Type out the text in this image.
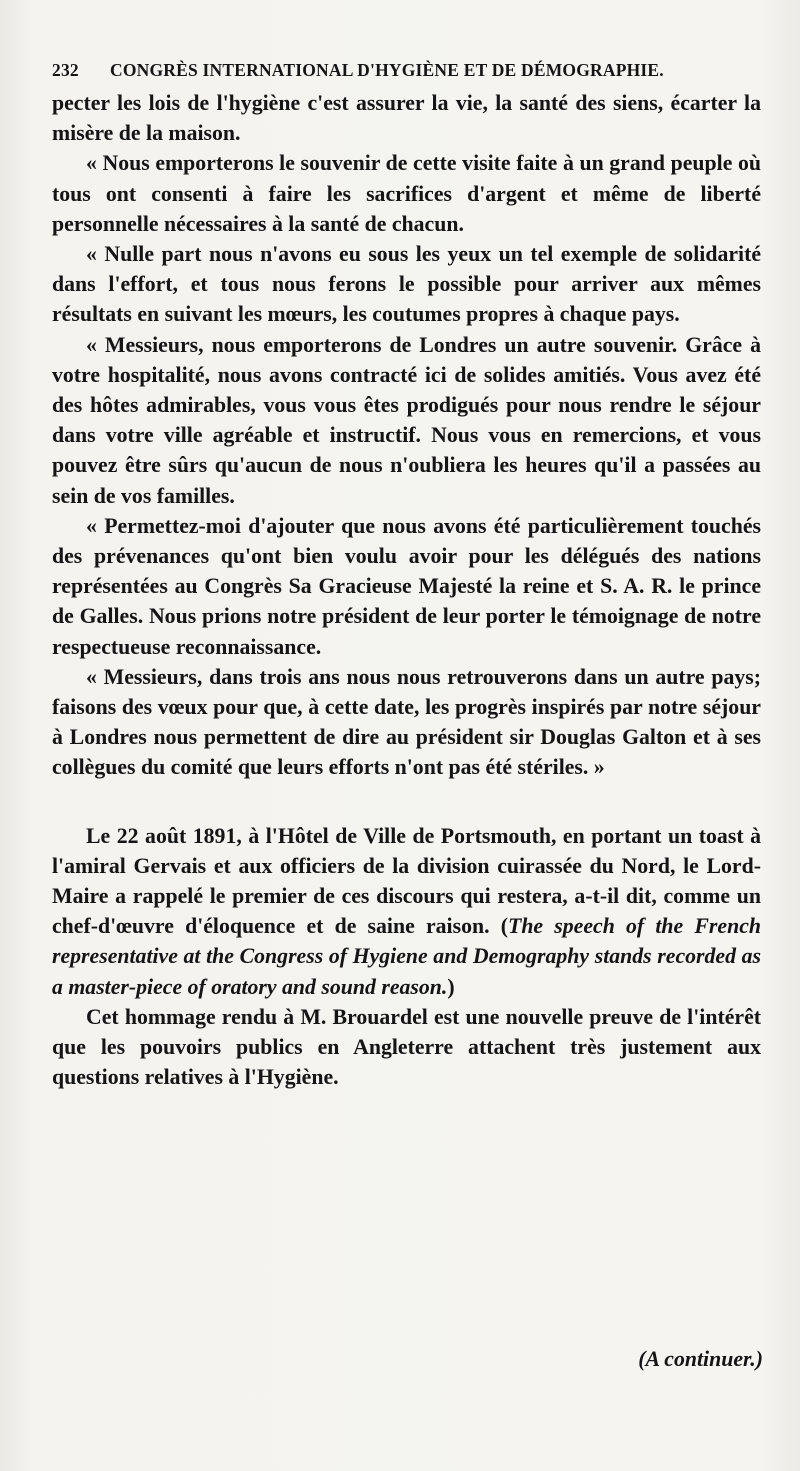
232 CONGRÈS INTERNATIONAL D'HYGIÈNE ET DE DÉMOGRAPHIE.

pecter les lois de l'hygiène c'est assurer la vie, la santé des siens, écarter la misère de la maison.

« Nous emporterons le souvenir de cette visite faite à un grand peuple où tous ont consenti à faire les sacrifices d'argent et même de liberté personnelle nécessaires à la santé de chacun.

« Nulle part nous n'avons eu sous les yeux un tel exemple de solidarité dans l'effort, et tous nous ferons le possible pour arriver aux mêmes résultats en suivant les mœurs, les coutumes propres à chaque pays.

« Messieurs, nous emporterons de Londres un autre souvenir. Grâce à votre hospitalité, nous avons contracté ici de solides amitiés. Vous avez été des hôtes admirables, vous vous êtes prodigués pour nous rendre le séjour dans votre ville agréable et instructif. Nous vous en remercions, et vous pouvez être sûrs qu'aucun de nous n'oubliera les heures qu'il a passées au sein de vos familles.

« Permettez-moi d'ajouter que nous avons été particulièrement touchés des prévenances qu'ont bien voulu avoir pour les délégués des nations représentées au Congrès Sa Gracieuse Majesté la reine et S. A. R. le prince de Galles. Nous prions notre président de leur porter le témoignage de notre respectueuse reconnaissance.

« Messieurs, dans trois ans nous nous retrouverons dans un autre pays; faisons des vœux pour que, à cette date, les progrès inspirés par notre séjour à Londres nous permettent de dire au président sir Douglas Galton et à ses collègues du comité que leurs efforts n'ont pas été stériles. »

Le 22 août 1891, à l'Hôtel de Ville de Portsmouth, en portant un toast à l'amiral Gervais et aux officiers de la division cuirassée du Nord, le Lord-Maire a rappelé le premier de ces discours qui restera, a-t-il dit, comme un chef-d'œuvre d'éloquence et de saine raison. (The speech of the French representative at the Congress of Hygiene and Demography stands recorded as a master-piece of oratory and sound reason.)

Cet hommage rendu à M. Brouardel est une nouvelle preuve de l'intérêt que les pouvoirs publics en Angleterre attachent très justement aux questions relatives à l'Hygiène.

(A continuer.)
